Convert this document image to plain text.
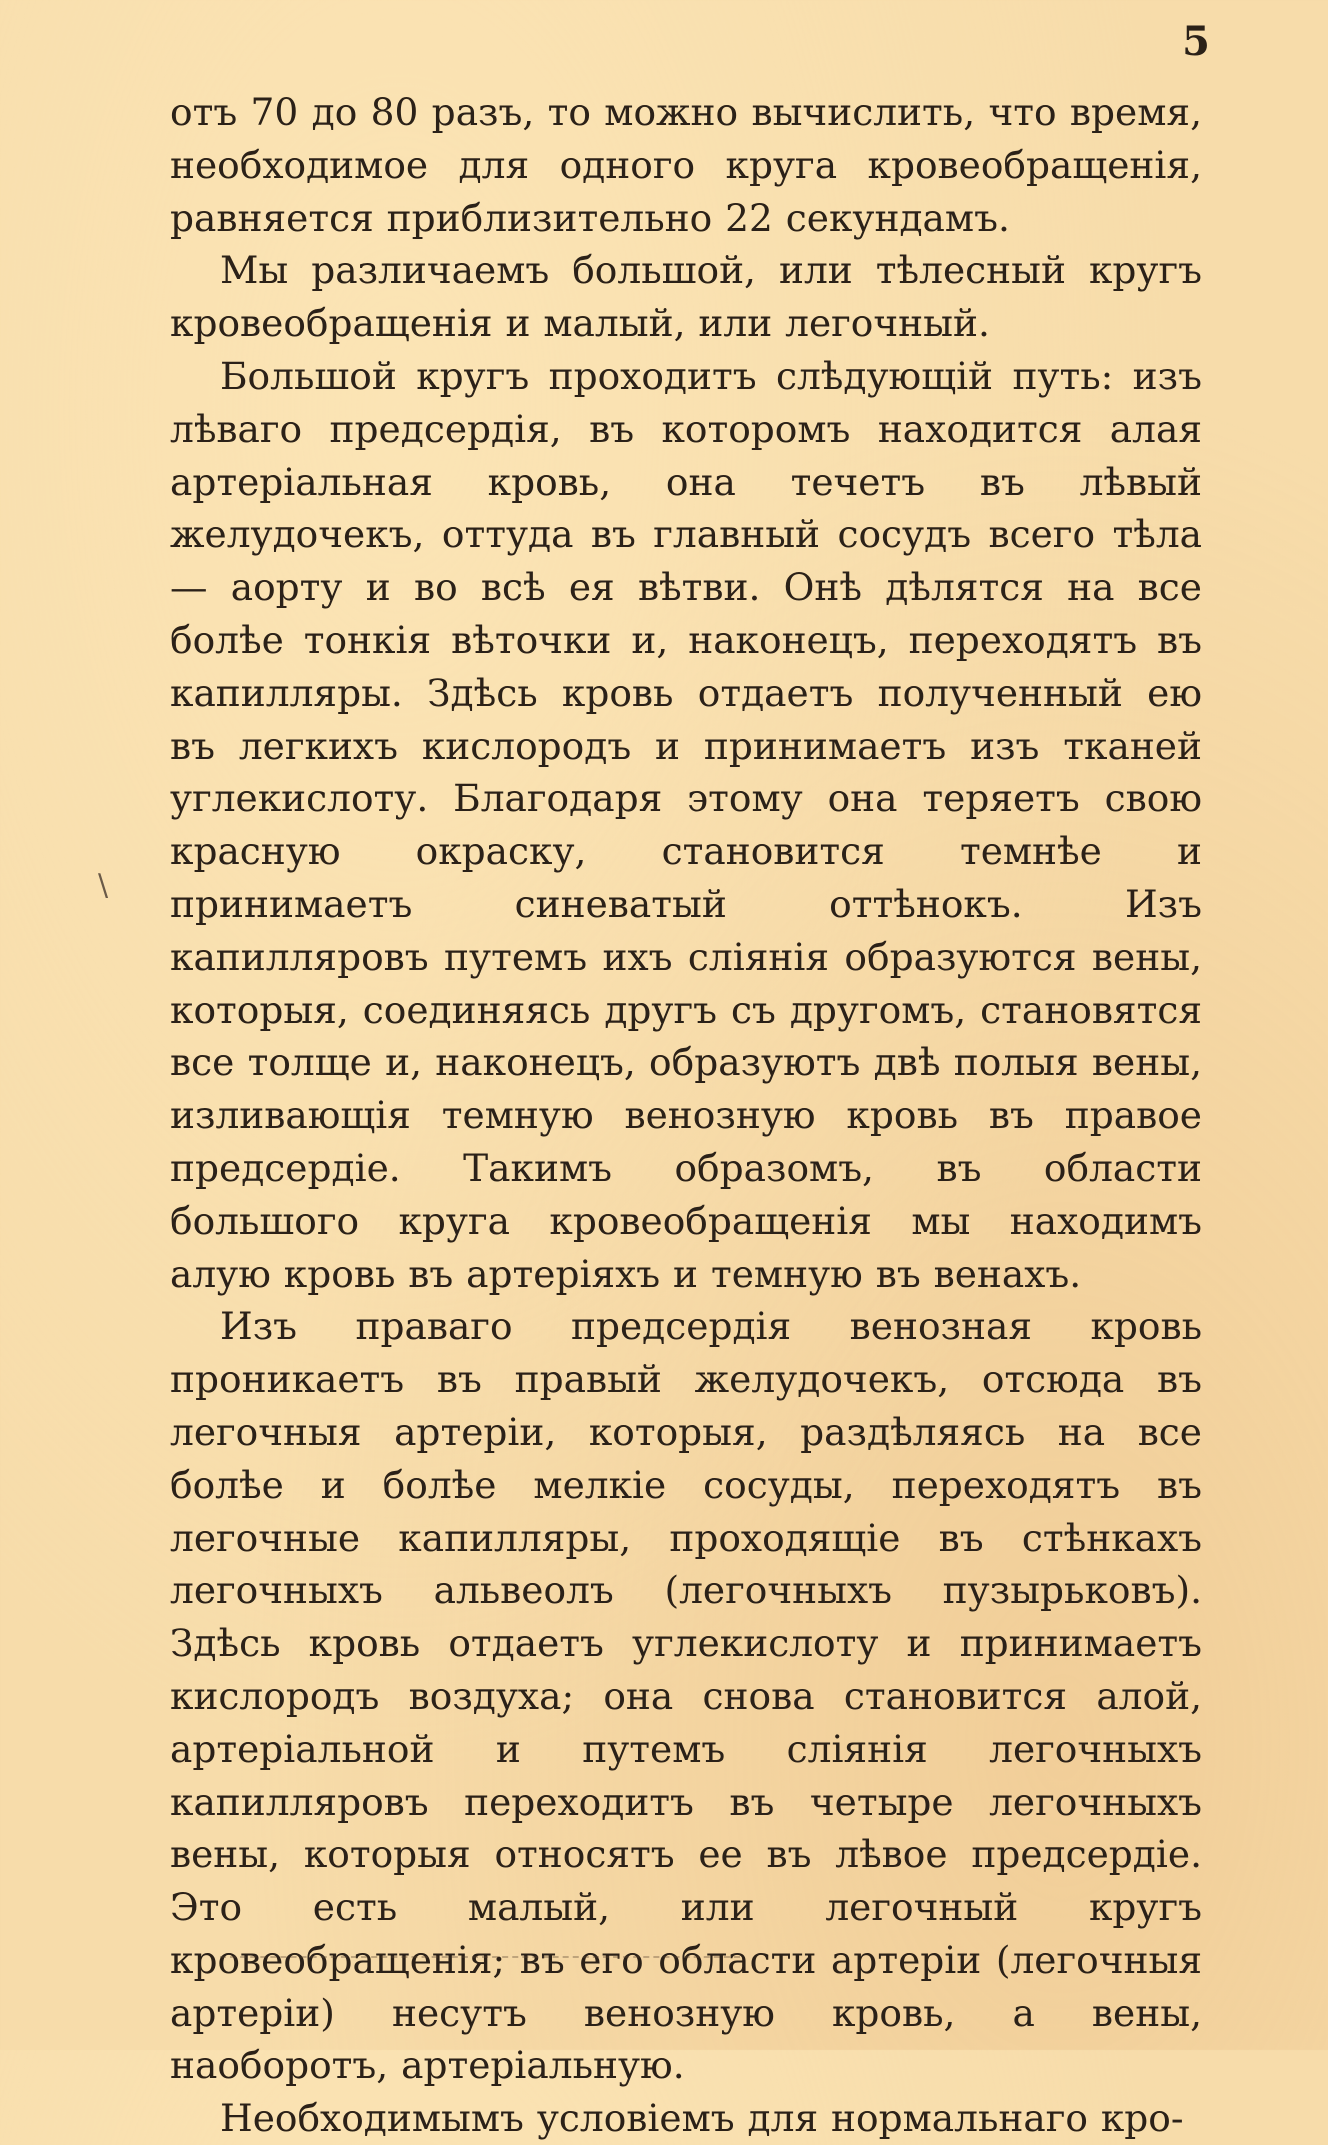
5
\

отъ 70 до 80 разъ, то можно вычислить, что время, необходимое для одного круга кровеобращенія, равняется приблизительно 22 секундамъ.

Мы различаемъ большой, или тѣлесный кругъ кровеобращенія и малый, или легочный.

Большой кругъ проходитъ слѣдующій путь: изъ лѣваго предсердія, въ которомъ находится алая артеріальная кровь, она течетъ въ лѣвый желудочекъ, оттуда въ главный сосудъ всего тѣла— аорту и во всѣ ея вѣтви. Онѣ дѣлятся на все болѣе тонкія вѣточки и, наконецъ, переходятъ въ капилляры. Здѣсь кровь отдаетъ полученный ею въ легкихъ кислородъ и принимаетъ изъ тканей углекислоту. Благодаря этому она теряетъ свою красную окраску, становится темнѣе и принимаетъ синеватый оттѣнокъ. Изъ капилляровъ путемъ ихъ сліянія образуются вены, которыя, соединяясь другъ съ другомъ, становятся все толще и, наконецъ, образуютъ двѣ полыя вены, изливающія темную венозную кровь въ правое предсердіе. Такимъ образомъ, въ области большого круга кровеобращенія мы находимъ алую кровь въ артеріяхъ и темную въ венахъ.

Изъ праваго предсердія венозная кровь проникаетъ въ правый желудочекъ, отсюда въ легочныя артеріи, которыя, раздѣляясь на все болѣе и болѣе мелкіе сосуды, переходятъ въ легочные капилляры, проходящіе въ стѣнкахъ легочныхъ альвеолъ (легочныхъ пузырьковъ). Здѣсь кровь отдаетъ углекислоту и принимаетъ кислородъ воздуха; она снова становится алой, артеріальной и путемъ сліянія легочныхъ капилляровъ переходитъ въ четыре легочныхъ вены, которыя относятъ ее въ лѣвое предсердіе. Это есть малый, или легочный кругъ кровеобращенія; въ его области артеріи (легочныя артеріи) несутъ венозную кровь, а вены, наоборотъ, артеріальную.

Необходимымъ условіемъ для нормальнаго кро-
